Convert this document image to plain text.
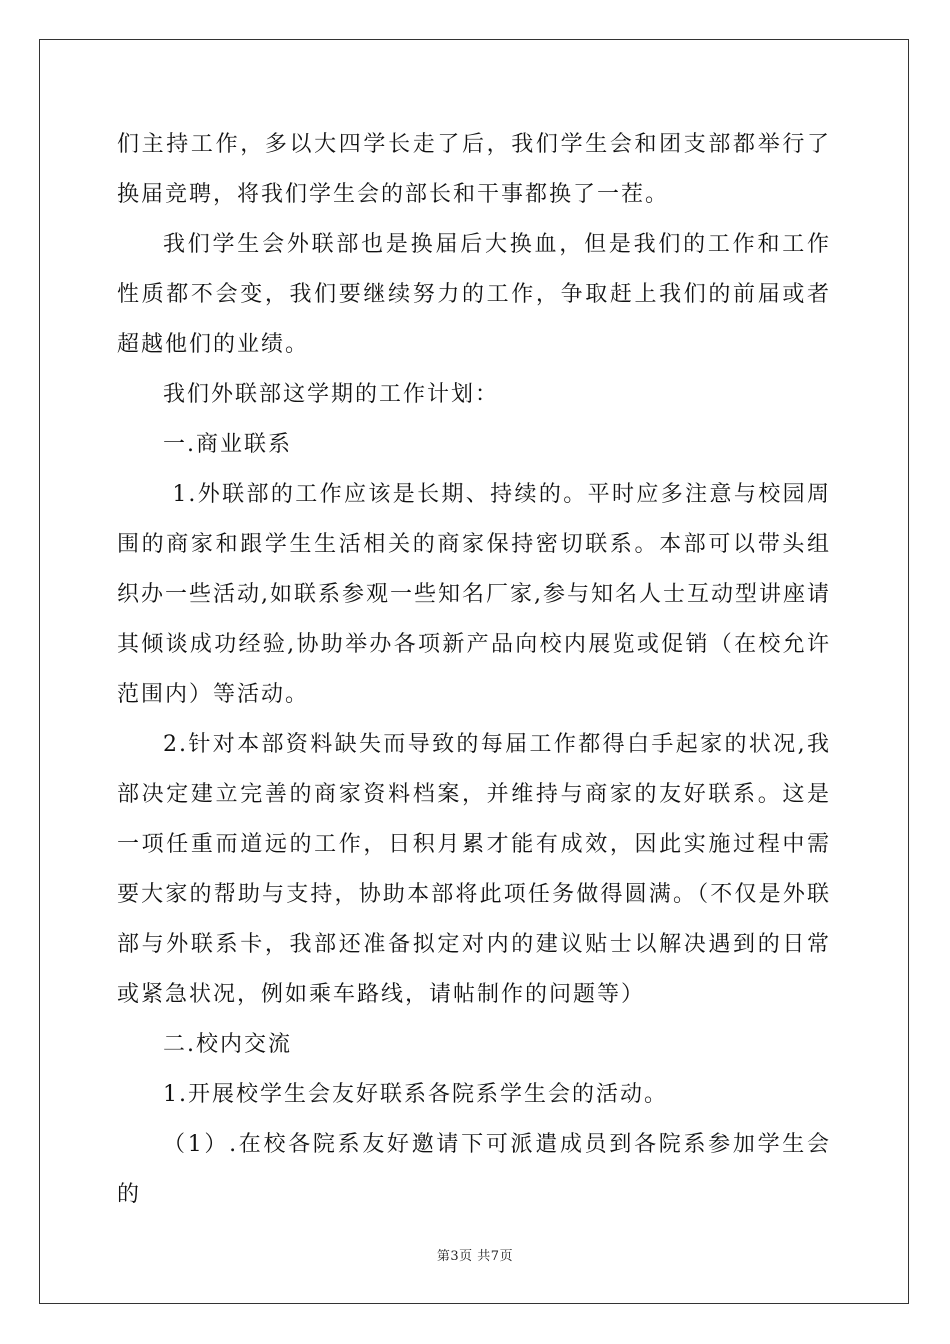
们主持工作，多以大四学长走了后，我们学生会和团支部都举行了换届竞聘，将我们学生会的部长和干事都换了一茬。

我们学生会外联部也是换届后大换血，但是我们的工作和工作性质都不会变，我们要继续努力的工作，争取赶上我们的前届或者超越他们的业绩。

我们外联部这学期的工作计划：

一.商业联系

1.外联部的工作应该是长期、持续的。平时应多注意与校园周围的商家和跟学生生活相关的商家保持密切联系。本部可以带头组织办一些活动,如联系参观一些知名厂家,参与知名人士互动型讲座请其倾谈成功经验,协助举办各项新产品向校内展览或促销（在校允许范围内）等活动。

2.针对本部资料缺失而导致的每届工作都得白手起家的状况,我部决定建立完善的商家资料档案，并维持与商家的友好联系。这是一项任重而道远的工作，日积月累才能有成效，因此实施过程中需要大家的帮助与支持，协助本部将此项任务做得圆满。（不仅是外联部与外联系卡，我部还准备拟定对内的建议贴士以解决遇到的日常或紧急状况，例如乘车路线，请帖制作的问题等）

二.校内交流

1.开展校学生会友好联系各院系学生会的活动。

（1）.在校各院系友好邀请下可派遣成员到各院系参加学生会的

第3页 共7页
